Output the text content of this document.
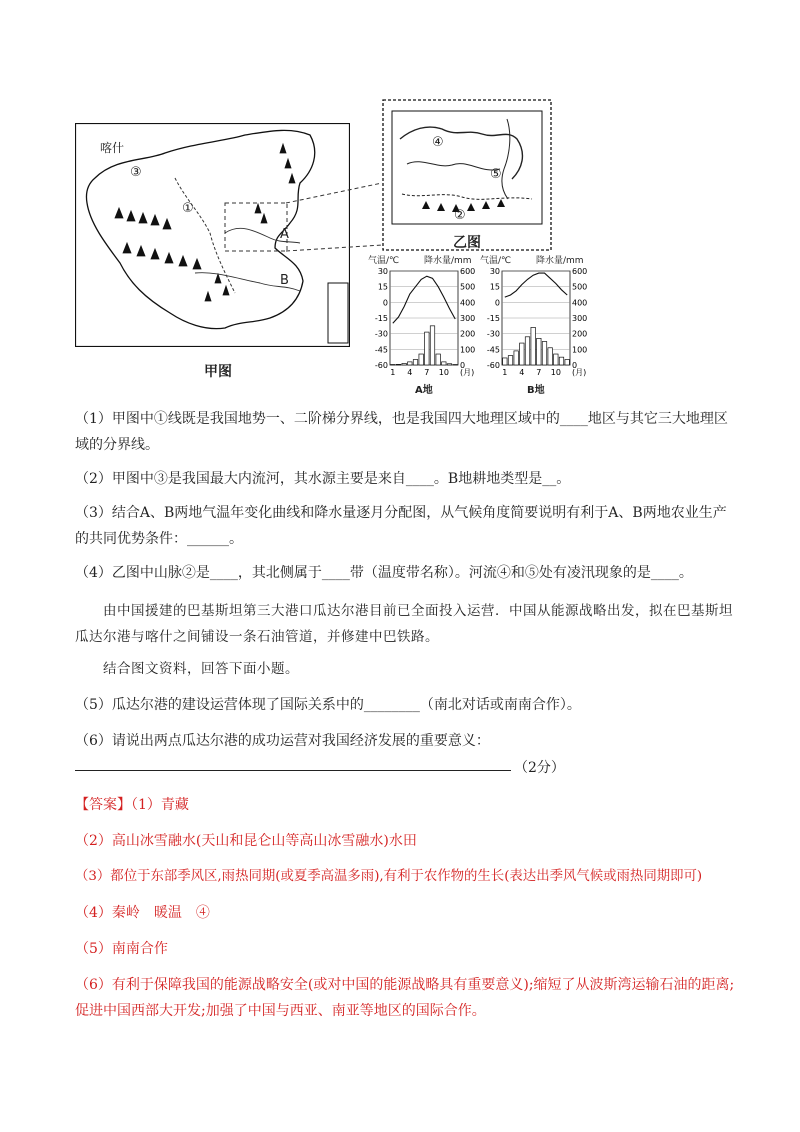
喀什
③
①
A
B
④
⑤
②
乙图
甲图
气温/℃	降水量/mm
30	600
15	500
0	400
-15	300
-30	200
-45	100
-60	0
1 4 7 10 (月)
A地
气温/℃	降水量/mm
30	600
15	500
0	400
-15	300
-30	200
-45	100
-60	0
1 4 7 10 (月)
B地
（1）甲图中①线既是我国地势一、二阶梯分界线，也是我国四大地理区域中的____地区与其它三大地理区域的分界线。
（2）甲图中③是我国最大内流河，其水源主要是来自____。B地耕地类型是__。
（3）结合A、B两地气温年变化曲线和降水量逐月分配图，从气候角度简要说明有利于A、B两地农业生产的共同优势条件：______。
（4）乙图中山脉②是____，其北侧属于____带（温度带名称）。河流④和⑤处有凌汛现象的是____。
由中国援建的巴基斯坦第三大港口瓜达尔港目前已全面投入运营．中国从能源战略出发，拟在巴基斯坦瓜达尔港与喀什之间铺设一条石油管道，并修建中巴铁路。
结合图文资料，回答下面小题。
（5）瓜达尔港的建设运营体现了国际关系中的________（南北对话或南南合作）。
（6）请说出两点瓜达尔港的成功运营对我国经济发展的重要意义：
（2分）
【答案】（1）青藏
（2）高山冰雪融水(天山和昆仑山等高山冰雪融水)水田
（3）都位于东部季风区,雨热同期(或夏季高温多雨),有利于农作物的生长(表达出季风气候或雨热同期即可)
（4）秦岭　暖温　④
（5）南南合作
（6）有利于保障我国的能源战略安全(或对中国的能源战略具有重要意义);缩短了从波斯湾运输石油的距离;促进中国西部大开发;加强了中国与西亚、南亚等地区的国际合作。
